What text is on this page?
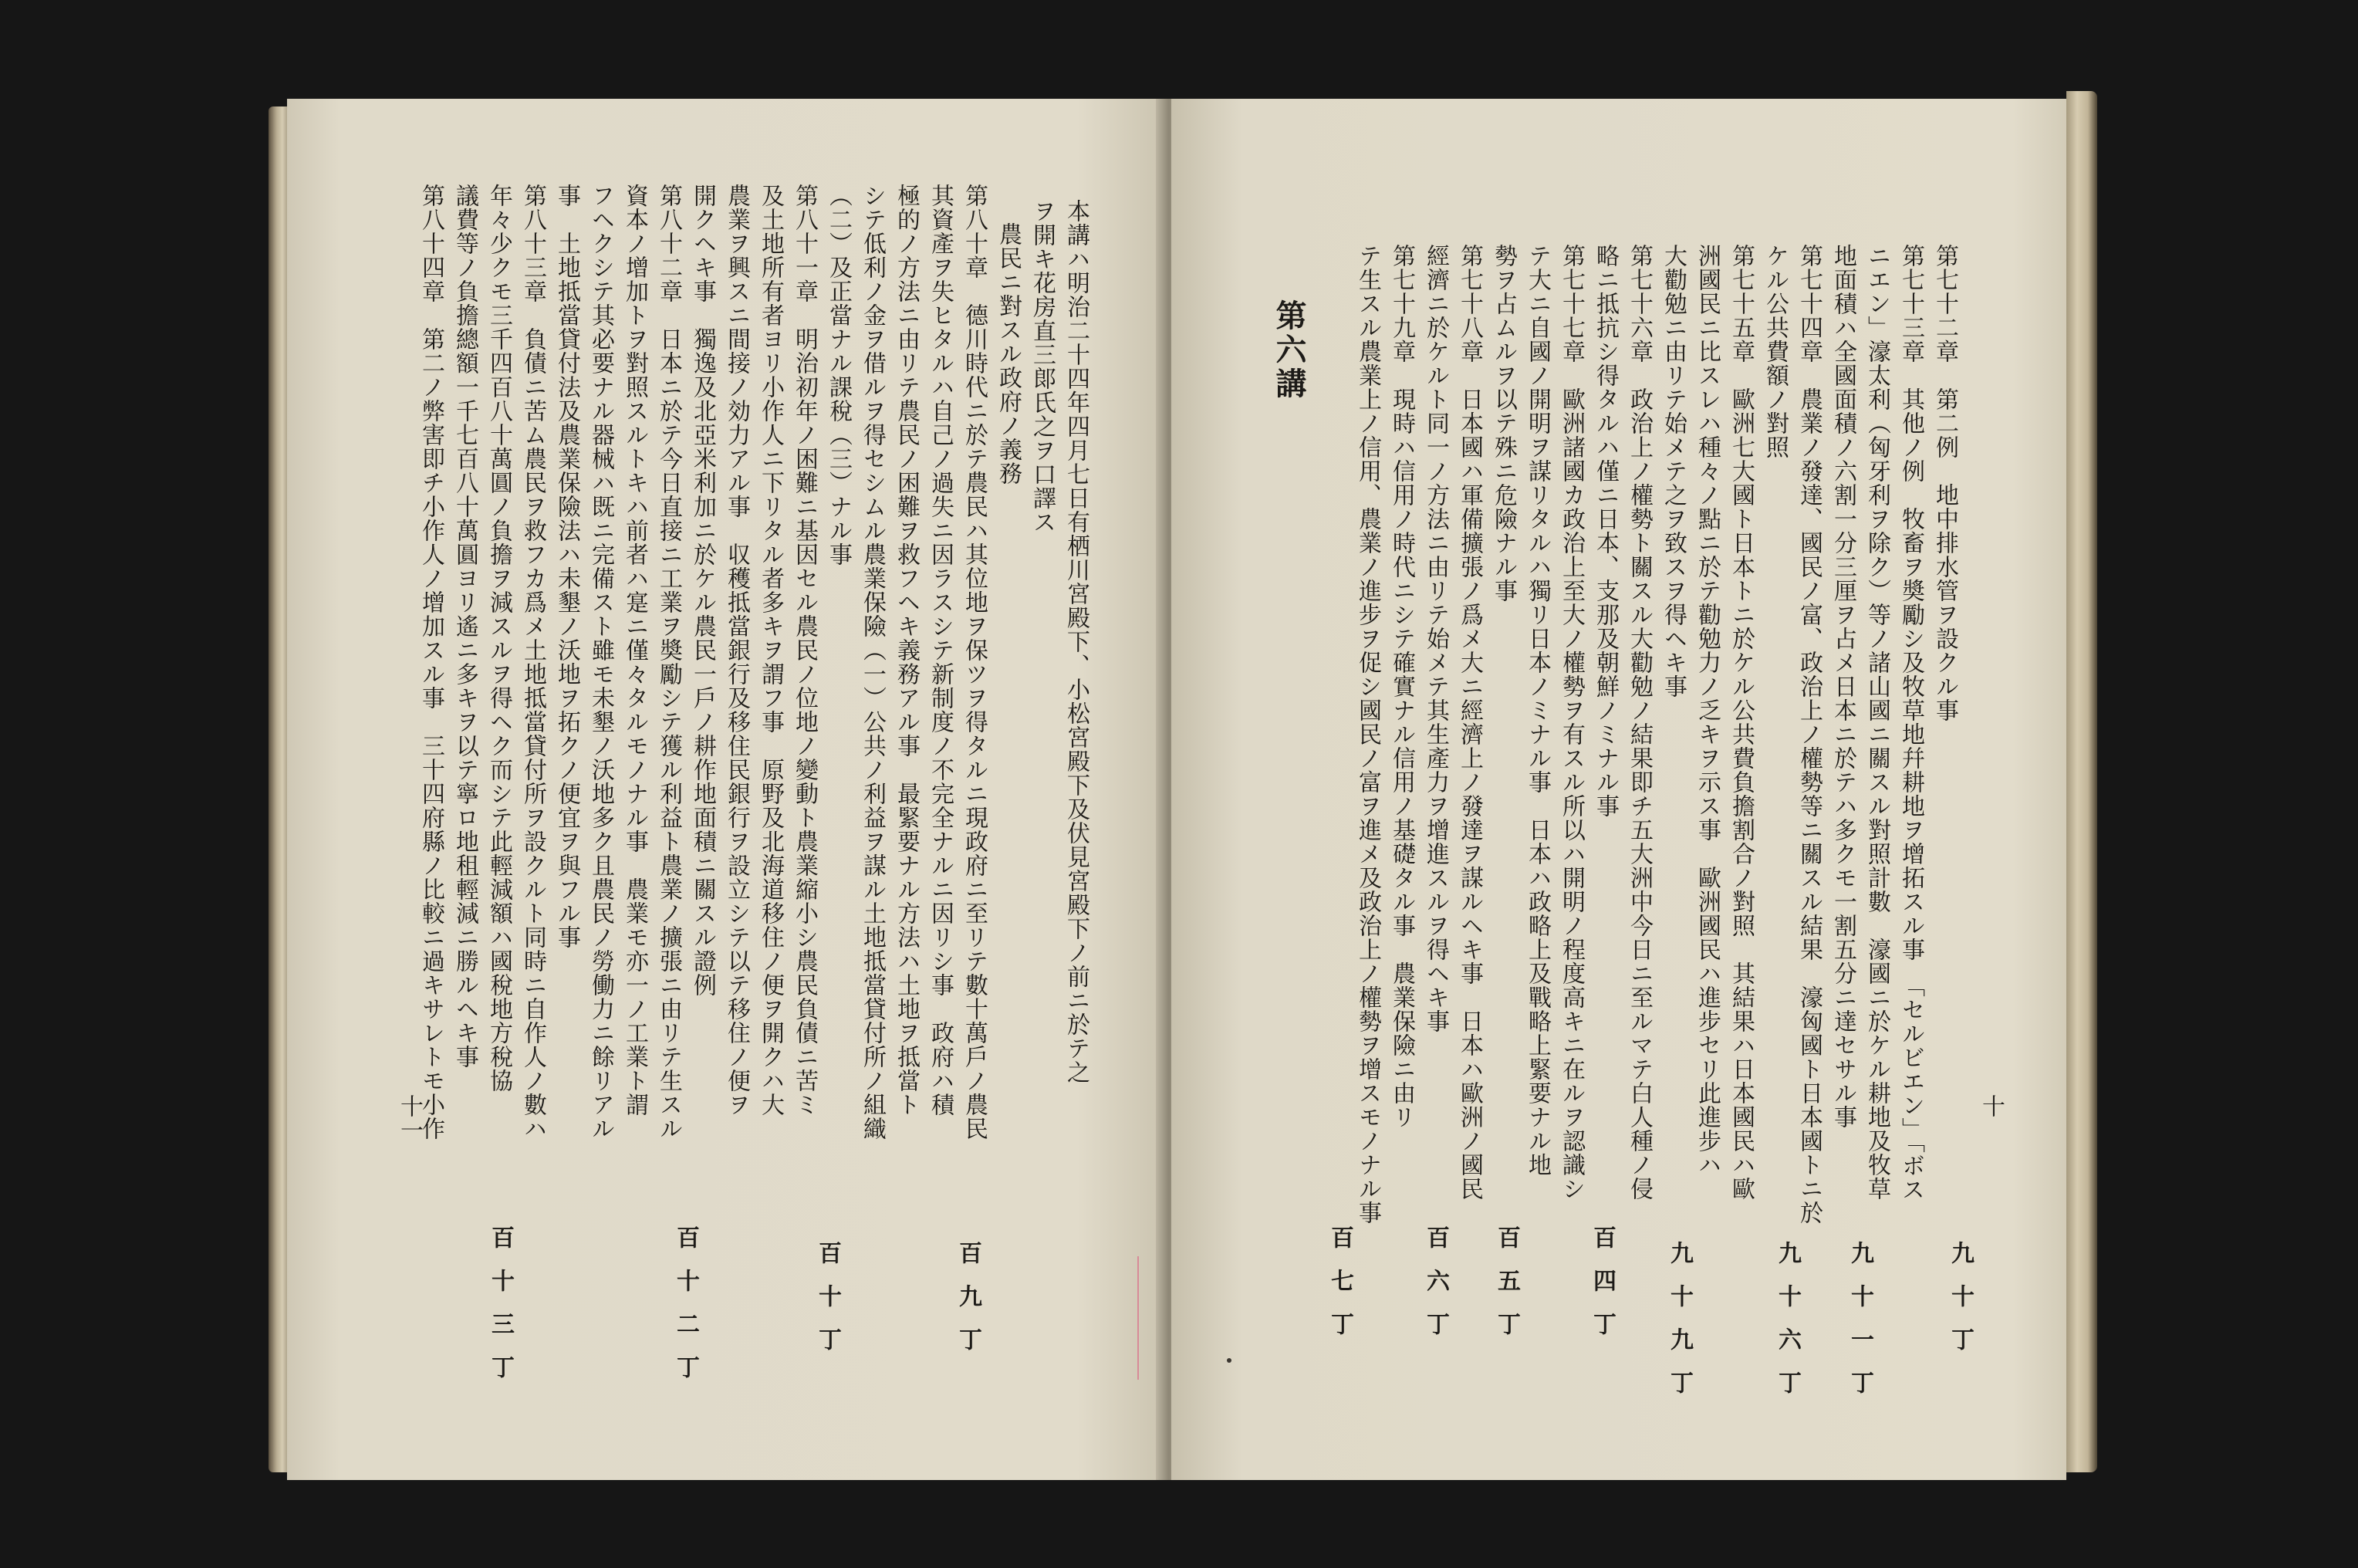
本講ハ明治二十四年四月七日有栖川宮殿下、小松宮殿下及伏見宮殿下ノ前ニ於テ之
ヲ開キ花房直三郞氏之ヲ口譯ス
農民ニ對スル政府ノ義務
第八十章　德川時代ニ於テ農民ハ其位地ヲ保ツヲ得タルニ現政府ニ至リテ數十萬戶ノ農民
其資產ヲ失ヒタルハ自己ノ過失ニ因ラスシテ新制度ノ不完全ナルニ因リシ事　政府ハ積
極的ノ方法ニ由リテ農民ノ困難ヲ救フヘキ義務アル事　最緊要ナル方法ハ土地ヲ抵當ト
シテ低利ノ金ヲ借ルヲ得セシムル農業保險（一）公共ノ利益ヲ謀ル土地抵當貸付所ノ組織
（二）及正當ナル課稅（三）ナル事
第八十一章　明治初年ノ困難ニ基因セル農民ノ位地ノ變動ト農業縮小シ農民負債ニ苦ミ
及土地所有者ヨリ小作人ニ下リタル者多キヲ謂フ事　原野及北海道移住ノ便ヲ開クハ大
農業ヲ興スニ間接ノ効力アル事　収穫抵當銀行及移住民銀行ヲ設立シテ以テ移住ノ便ヲ
開クヘキ事　獨逸及北亞米利加ニ於ケル農民一戶ノ耕作地面積ニ關スル證例
第八十二章　日本ニ於テ今日直接ニ工業ヲ奬勵シテ獲ル利益ト農業ノ擴張ニ由リテ生スル
資本ノ增加トヲ對照スルトキハ前者ハ寔ニ僅々タルモノナル事　農業モ亦一ノ工業ト謂
フヘクシテ其必要ナル器械ハ既ニ完備スト雖モ未墾ノ沃地多ク且農民ノ勞働力ニ餘リアル
事　土地抵當貸付法及農業保險法ハ未墾ノ沃地ヲ拓クノ便宜ヲ與フル事
第八十三章　負債ニ苦ム農民ヲ救フカ爲メ土地抵當貸付所ヲ設クルト同時ニ自作人ノ數ハ
年々少クモ三千四百八十萬圓ノ負擔ヲ減スルヲ得ヘク而シテ此輕減額ハ國稅地方稅協
議費等ノ負擔總額一千七百八十萬圓ヨリ遙ニ多キヲ以テ寧ロ地租輕減ニ勝ルヘキ事
第八十四章　第二ノ弊害即チ小作人ノ增加スル事　三十四府縣ノ比較ニ過キサレトモ小作
十一
百九丁
百十丁
百十二丁
百十三丁
十
第七十二章　第二例　地中排水管ヲ設クル事
第七十三章　其他ノ例　牧畜ヲ奬勵シ及牧草地幷耕地ヲ增拓スル事　「セルビエン」「ボス
ニエン」濠太利（匈牙利ヲ除ク）等ノ諸山國ニ關スル對照計數　濠國ニ於ケル耕地及牧草
地面積ハ全國面積ノ六割一分三厘ヲ占メ日本ニ於テハ多クモ一割五分ニ達セサル事
第七十四章　農業ノ發達、國民ノ富、政治上ノ權勢等ニ關スル結果　濠匈國ト日本國トニ於
ケル公共費額ノ對照
第七十五章　歐洲七大國ト日本トニ於ケル公共費負擔割合ノ對照　其結果ハ日本國民ハ歐
洲國民ニ比スレハ種々ノ點ニ於テ勸勉力ノ乏キヲ示ス事　歐洲國民ハ進步セリ此進步ハ
大勸勉ニ由リテ始メテ之ヲ致スヲ得ヘキ事
第七十六章　政治上ノ權勢ト關スル大勸勉ノ結果即チ五大洲中今日ニ至ルマテ白人種ノ侵
略ニ抵抗シ得タルハ僅ニ日本、支那及朝鮮ノミナル事
第七十七章　歐洲諸國カ政治上至大ノ權勢ヲ有スル所以ハ開明ノ程度高キニ在ルヲ認識シ
テ大ニ自國ノ開明ヲ謀リタルハ獨リ日本ノミナル事　日本ハ政略上及戰略上緊要ナル地
勢ヲ占ムルヲ以テ殊ニ危險ナル事
第七十八章　日本國ハ軍備擴張ノ爲メ大ニ經濟上ノ發達ヲ謀ルヘキ事　日本ハ歐洲ノ國民
經濟ニ於ケルト同一ノ方法ニ由リテ始メテ其生產力ヲ增進スルヲ得ヘキ事
第七十九章　現時ハ信用ノ時代ニシテ確實ナル信用ノ基礎タル事　農業保險ニ由リ
テ生スル農業上ノ信用、農業ノ進步ヲ促シ國民ノ富ヲ進メ及政治上ノ權勢ヲ增スモノナル事
第六講
九十丁
九十一丁
九十六丁
九十九丁
百四丁
百五丁
百六丁
百七丁
